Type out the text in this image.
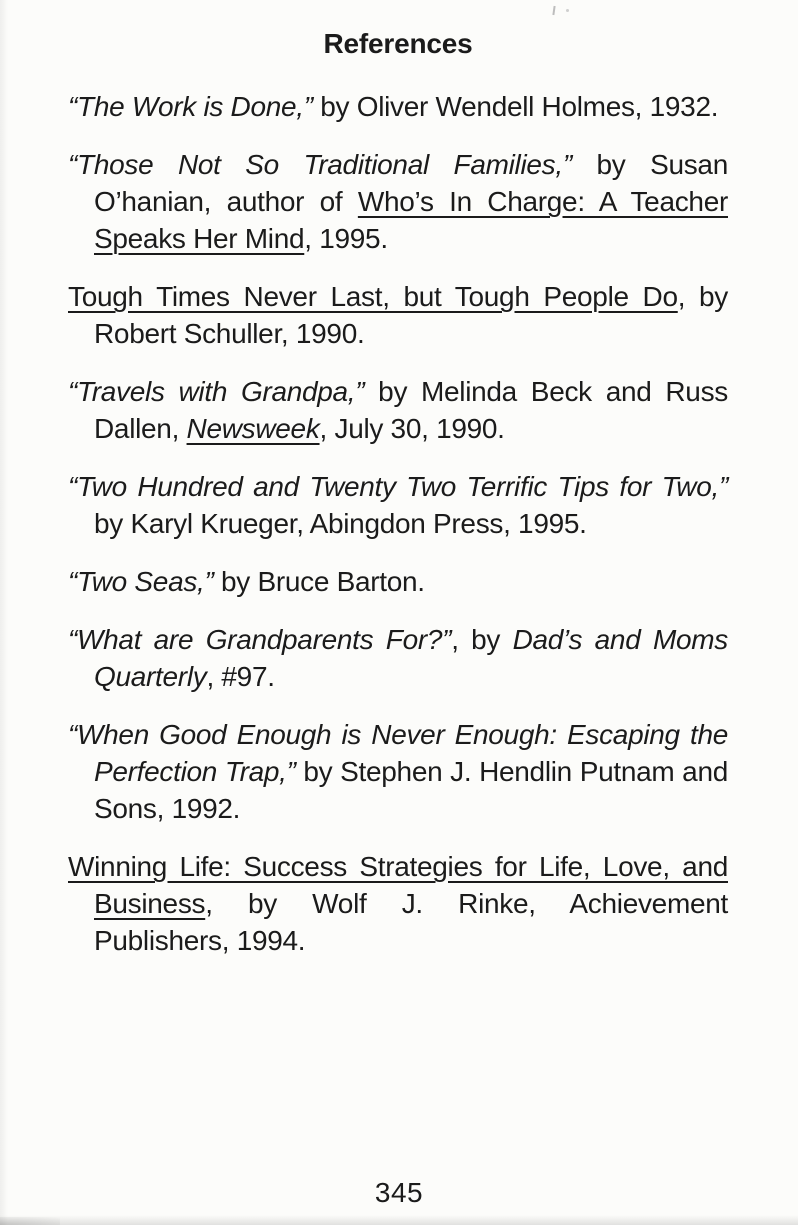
References

“The Work is Done,” by Oliver Wendell Holmes, 1932.

“Those Not So Traditional Families,” by Susan O’hanian, author of Who’s In Charge: A Teacher Speaks Her Mind, 1995.

Tough Times Never Last, but Tough People Do, by Robert Schuller, 1990.

“Travels with Grandpa,” by Melinda Beck and Russ Dallen, Newsweek, July 30, 1990.

“Two Hundred and Twenty Two Terrific Tips for Two,” by Karyl Krueger, Abingdon Press, 1995.

“Two Seas,” by Bruce Barton.

“What are Grandparents For?”, by Dad’s and Moms Quarterly, #97.

“When Good Enough is Never Enough: Escaping the Perfection Trap,” by Stephen J. Hendlin Putnam and Sons, 1992.

Winning Life: Success Strategies for Life, Love, and Business, by Wolf J. Rinke, Achievement Publishers, 1994.

345
